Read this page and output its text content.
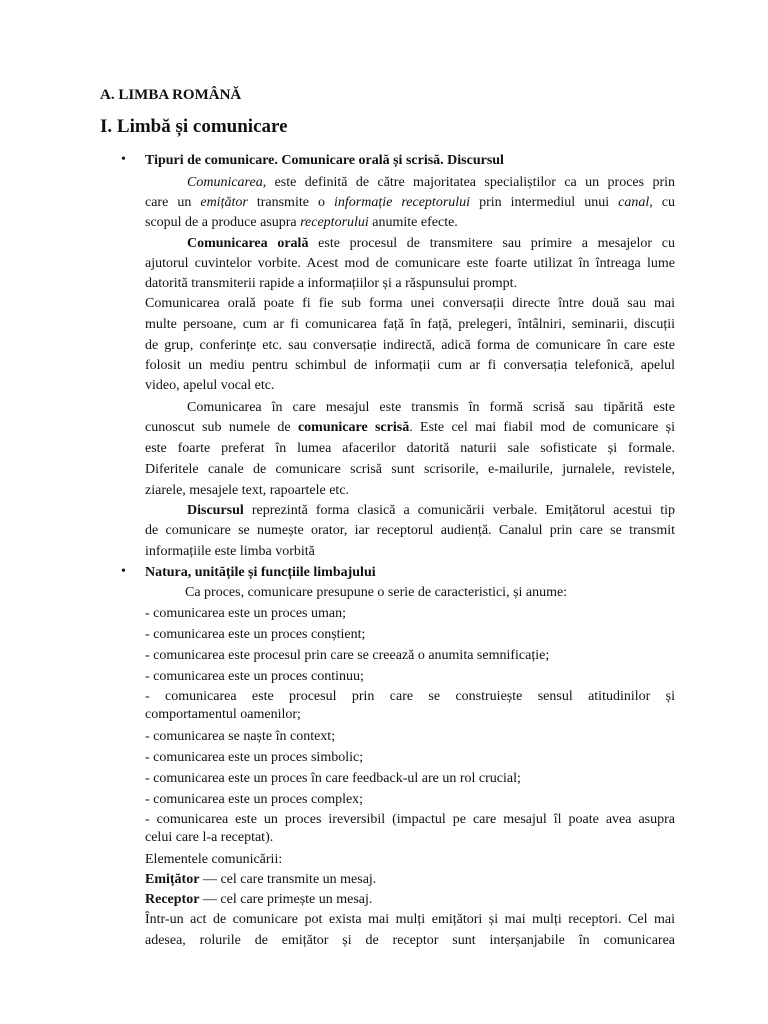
A. LIMBA ROMÂNĂ
I. Limbă și comunicare
• Tipuri de comunicare. Comunicare orală și scrisă. Discursul
Comunicarea, este definită de către majoritatea specialiștilor ca un proces prin
care un emițător transmite o informație receptorului prin intermediul unui canal, cu
scopul de a produce asupra receptorului anumite efecte.
Comunicarea orală este procesul de transmitere sau primire a mesajelor cu
ajutorul cuvintelor vorbite. Acest mod de comunicare este foarte utilizat în întreaga lume
datorită transmiterii rapide a informațiilor și a răspunsului prompt.
Comunicarea orală poate fi fie sub forma unei conversații directe între două sau mai
multe persoane, cum ar fi comunicarea față în față, prelegeri, întâlniri, seminarii, discuții
de grup, conferințe etc. sau conversație indirectă, adică forma de comunicare în care este
folosit un mediu pentru schimbul de informații cum ar fi conversația telefonică, apelul
video, apelul vocal etc.
Comunicarea în care mesajul este transmis în formă scrisă sau tipărită este
cunoscut sub numele de comunicare scrisă. Este cel mai fiabil mod de comunicare și
este foarte preferat în lumea afacerilor datorită naturii sale sofisticate și formale.
Diferitele canale de comunicare scrisă sunt scrisorile, e-mailurile, jurnalele, revistele,
ziarele, mesajele text, rapoartele etc.
Discursul reprezintă forma clasică a comunicării verbale. Emițătorul acestui tip
de comunicare se numește orator, iar receptorul audiență. Canalul prin care se transmit
informațiile este limba vorbită
• Natura, unitățile și funcțiile limbajului
Ca proces, comunicare presupune o serie de caracteristici, și anume:
- comunicarea este un proces uman;
- comunicarea este un proces conștient;
- comunicarea este procesul prin care se creează o anumita semnificație;
- comunicarea este un proces continuu;
- comunicarea este procesul prin care se construiește sensul atitudinilor și
comportamentul oamenilor;
- comunicarea se naște în context;
- comunicarea este un proces simbolic;
- comunicarea este un proces în care feedback-ul are un rol crucial;
- comunicarea este un proces complex;
- comunicarea este un proces ireversibil (impactul pe care mesajul îl poate avea asupra
celui care l-a receptat).
Elementele comunicării:
Emițător — cel care transmite un mesaj.
Receptor — cel care primește un mesaj.
Într-un act de comunicare pot exista mai mulți emițători și mai mulți receptori. Cel mai
adesea, rolurile de emițător și de receptor sunt interșanjabile în comunicarea
